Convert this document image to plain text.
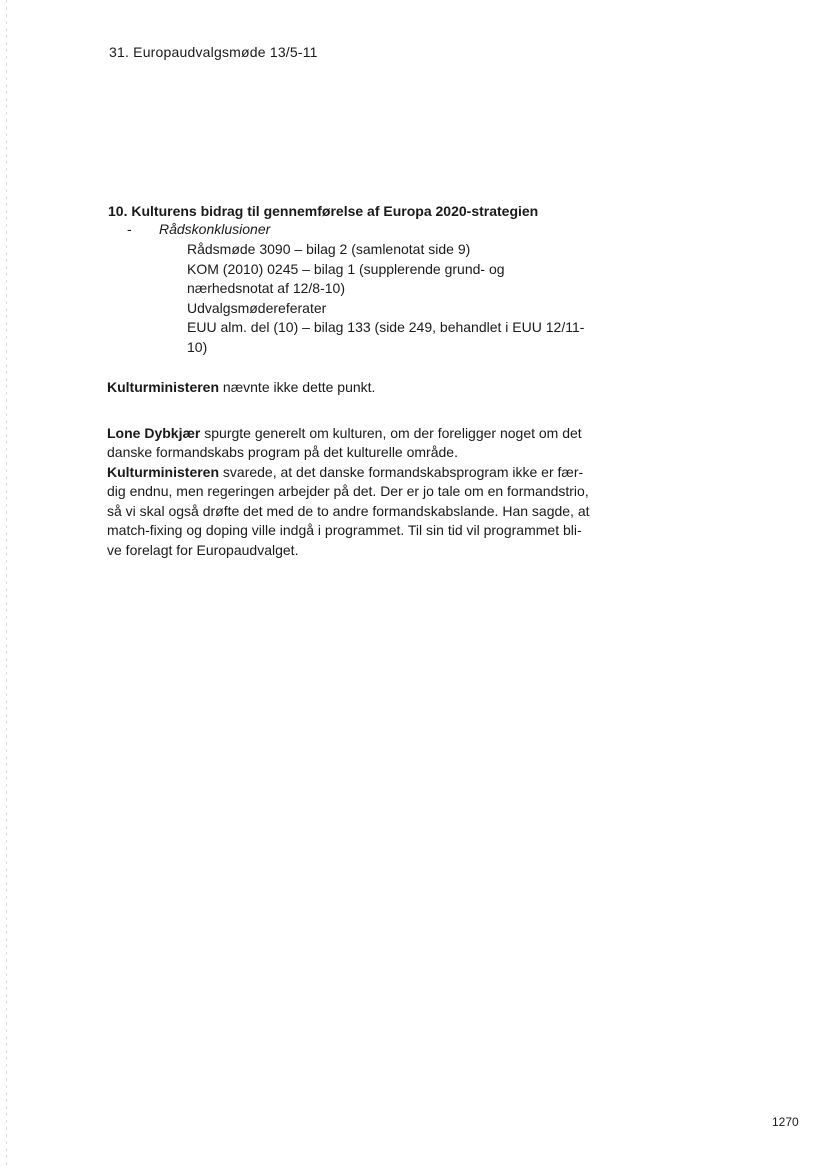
31. Europaudvalgsmøde 13/5-11
10. Kulturens bidrag til gennemførelse af Europa 2020-strategien
- Rådskonklusioner
Rådsmøde 3090 – bilag 2 (samlenotat side 9)
KOM (2010) 0245 – bilag 1 (supplerende grund- og
nærhedsnotat af 12/8-10)
Udvalgsmødereferater
EUU alm. del (10) – bilag 133 (side 249, behandlet i EUU 12/11-
10)
Kulturministeren nævnte ikke dette punkt.
Lone Dybkjær spurgte generelt om kulturen, om der foreligger noget om det
danske formandskabs program på det kulturelle område.
Kulturministeren svarede, at det danske formandskabsprogram ikke er fær-
dig endnu, men regeringen arbejder på det. Der er jo tale om en formandstrio,
så vi skal også drøfte det med de to andre formandskabslande. Han sagde, at
match-fixing og doping ville indgå i programmet. Til sin tid vil programmet bli-
ve forelagt for Europaudvalget.
1270
